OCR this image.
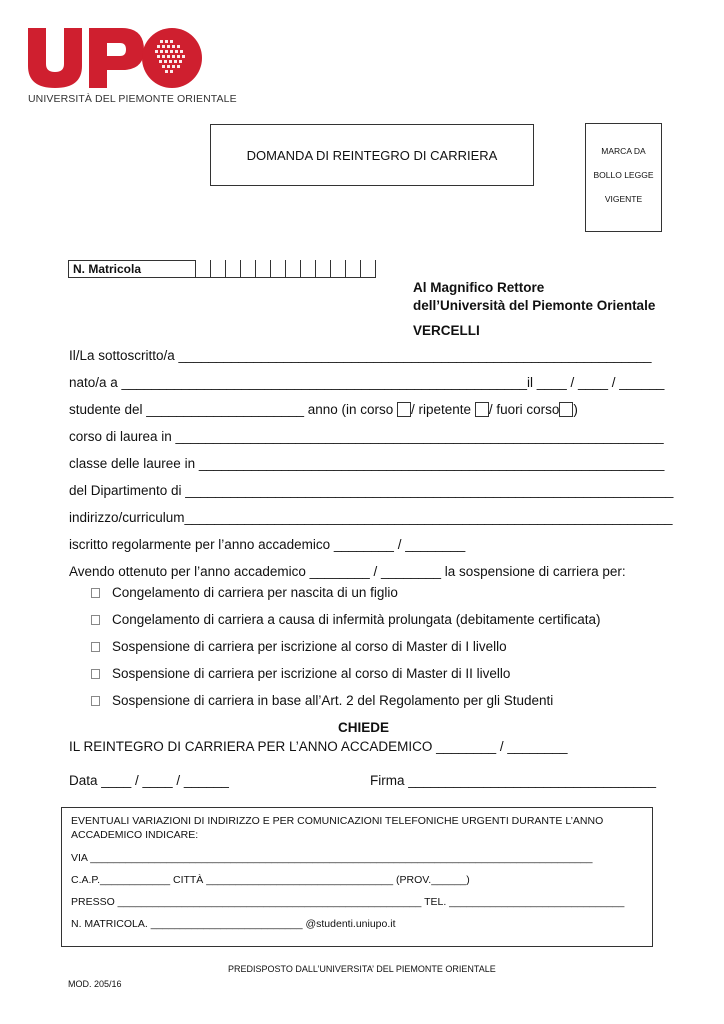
UNIVERSITÀ DEL PIEMONTE ORIENTALE
DOMANDA DI REINTEGRO DI CARRIERA	MARCA DA
BOLLO LEGGE
VIGENTE
N. Matricola
Al Magnifico Rettore
dell’Università del Piemonte Orientale
VERCELLI
Il/La sottoscritto/a _______________________________________________________________
nato/a a ______________________________________________________il ____ / ____ / ______
studente del _____________________ anno (in corso / ripetente / fuori corso )
corso di laurea in _________________________________________________________________
classe delle lauree in ______________________________________________________________
del Dipartimento di _________________________________________________________________
indirizzo/curriculum_________________________________________________________________
iscritto regolarmente per l’anno accademico ________ / ________
Avendo ottenuto per l’anno accademico ________ / ________ la sospensione di carriera per:
Congelamento di carriera per nascita di un figlio
Congelamento di carriera a causa di infermità prolungata (debitamente certificata)
Sospensione di carriera per iscrizione al corso di Master di I livello
Sospensione di carriera per iscrizione al corso di Master di II livello
Sospensione di carriera in base all’Art. 2 del Regolamento per gli Studenti
CHIEDE
IL REINTEGRO DI CARRIERA PER L’ANNO ACCADEMICO ________ / ________
Data ____ / ____ / ______	Firma _________________________________
EVENTUALI VARIAZIONI DI INDIRIZZO E PER COMUNICAZIONI TELEFONICHE URGENTI DURANTE L’ANNO
ACCADEMICO INDICARE:
VIA ______________________________________________________________________________________
C.A.P.____________ CITTÀ ________________________________ (PROV.______)
PRESSO ____________________________________________________ TEL. ______________________________
N. MATRICOLA. __________________________ @studenti.uniupo.it
PREDISPOSTO DALL’UNIVERSITA’ DEL PIEMONTE ORIENTALE
MOD. 205/16
